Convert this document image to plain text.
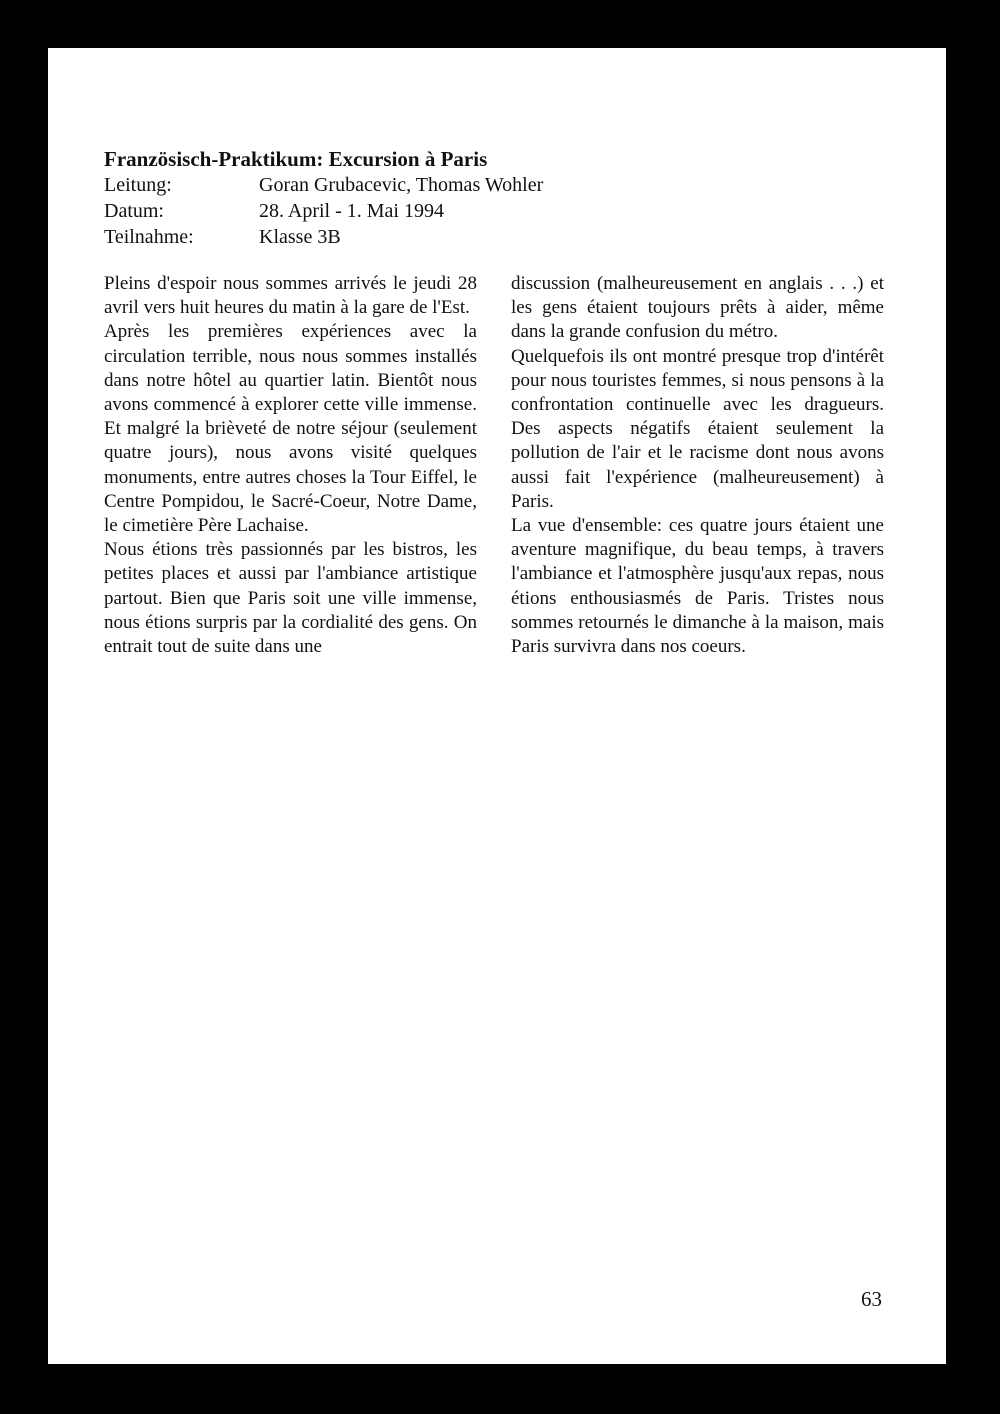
Französisch-Praktikum: Excursion à Paris
Leitung:	Goran Grubacevic, Thomas Wohler
Datum:	28. April - 1. Mai 1994
Teilnahme:	Klasse 3B

Pleins d'espoir nous sommes arrivés le jeudi 28 avril vers huit heures du matin à la gare de l'Est.

Après les premières expériences avec la circulation terrible, nous nous sommes installés dans notre hôtel au quartier latin. Bientôt nous avons commencé à explorer cette ville immense. Et malgré la brièveté de notre séjour (seulement quatre jours), nous avons visité quelques monuments, entre autres choses la Tour Eiffel, le Centre Pompidou, le Sacré-Coeur, Notre Dame, le cimetière Père Lachaise.

Nous étions très passionnés par les bistros, les petites places et aussi par l'ambiance artistique partout. Bien que Paris soit une ville immense, nous étions surpris par la cordialité des gens. On entrait tout de suite dans une

discussion (malheureusement en anglais . . .) et les gens étaient toujours prêts à aider, même dans la grande confusion du métro.

Quelquefois ils ont montré presque trop d'intérêt pour nous touristes femmes, si nous pensons à la confrontation continuelle avec les dragueurs. Des aspects négatifs étaient seulement la pollution de l'air et le racisme dont nous avons aussi fait l'expérience (malheureusement) à Paris.

La vue d'ensemble: ces quatre jours étaient une aventure magnifique, du beau temps, à travers l'ambiance et l'atmosphère jusqu'aux repas, nous étions enthousiasmés de Paris. Tristes nous sommes retournés le dimanche à la maison, mais Paris survivra dans nos coeurs.

63
